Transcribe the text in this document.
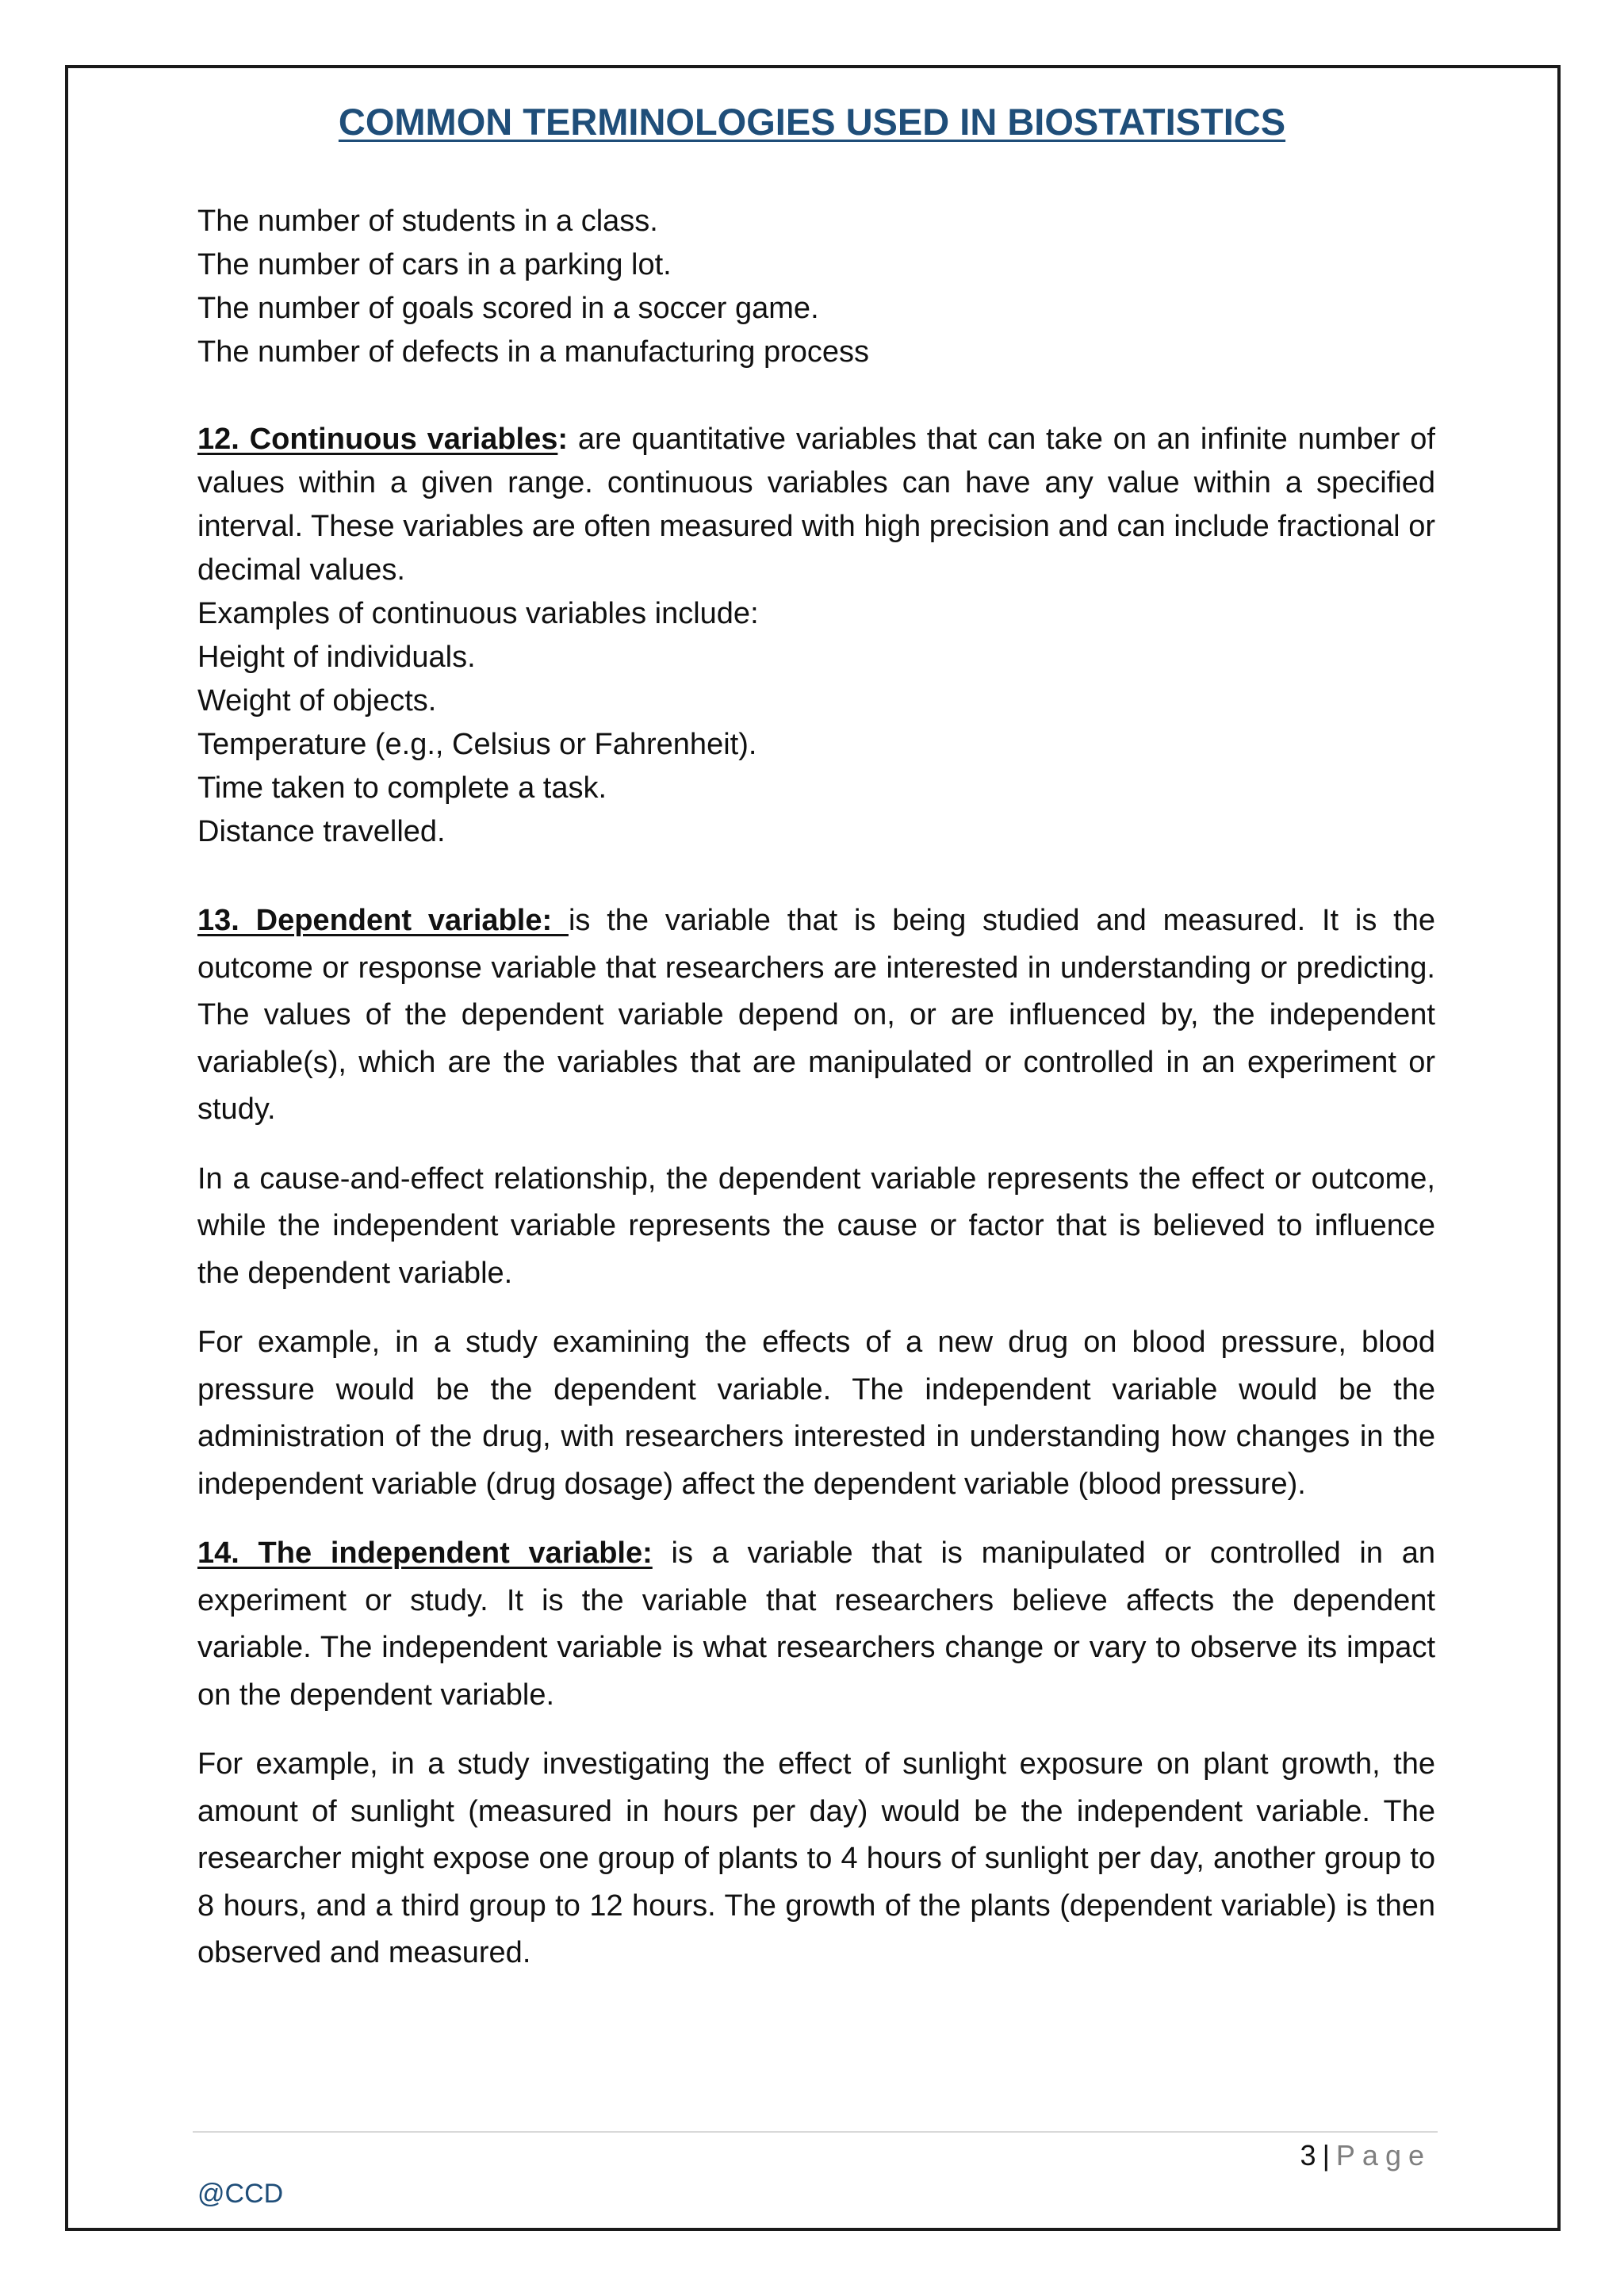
COMMON TERMINOLOGIES USED IN BIOSTATISTICS
The number of students in a class.
The number of cars in a parking lot.
The number of goals scored in a soccer game.
The number of defects in a manufacturing process
12. Continuous variables: are quantitative variables that can take on an infinite number of values within a given range. continuous variables can have any value within a specified interval. These variables are often measured with high precision and can include fractional or decimal values.
Examples of continuous variables include:
Height of individuals.
Weight of objects.
Temperature (e.g., Celsius or Fahrenheit).
Time taken to complete a task.
Distance travelled.
13. Dependent variable: is the variable that is being studied and measured. It is the outcome or response variable that researchers are interested in understanding or predicting. The values of the dependent variable depend on, or are influenced by, the independent variable(s), which are the variables that are manipulated or controlled in an experiment or study.
In a cause-and-effect relationship, the dependent variable represents the effect or outcome, while the independent variable represents the cause or factor that is believed to influence the dependent variable.
For example, in a study examining the effects of a new drug on blood pressure, blood pressure would be the dependent variable. The independent variable would be the administration of the drug, with researchers interested in understanding how changes in the independent variable (drug dosage) affect the dependent variable (blood pressure).
14. The independent variable: is a variable that is manipulated or controlled in an experiment or study. It is the variable that researchers believe affects the dependent variable. The independent variable is what researchers change or vary to observe its impact on the dependent variable.
For example, in a study investigating the effect of sunlight exposure on plant growth, the amount of sunlight (measured in hours per day) would be the independent variable. The researcher might expose one group of plants to 4 hours of sunlight per day, another group to 8 hours, and a third group to 12 hours. The growth of the plants (dependent variable) is then observed and measured.
3 | Page
@CCD
